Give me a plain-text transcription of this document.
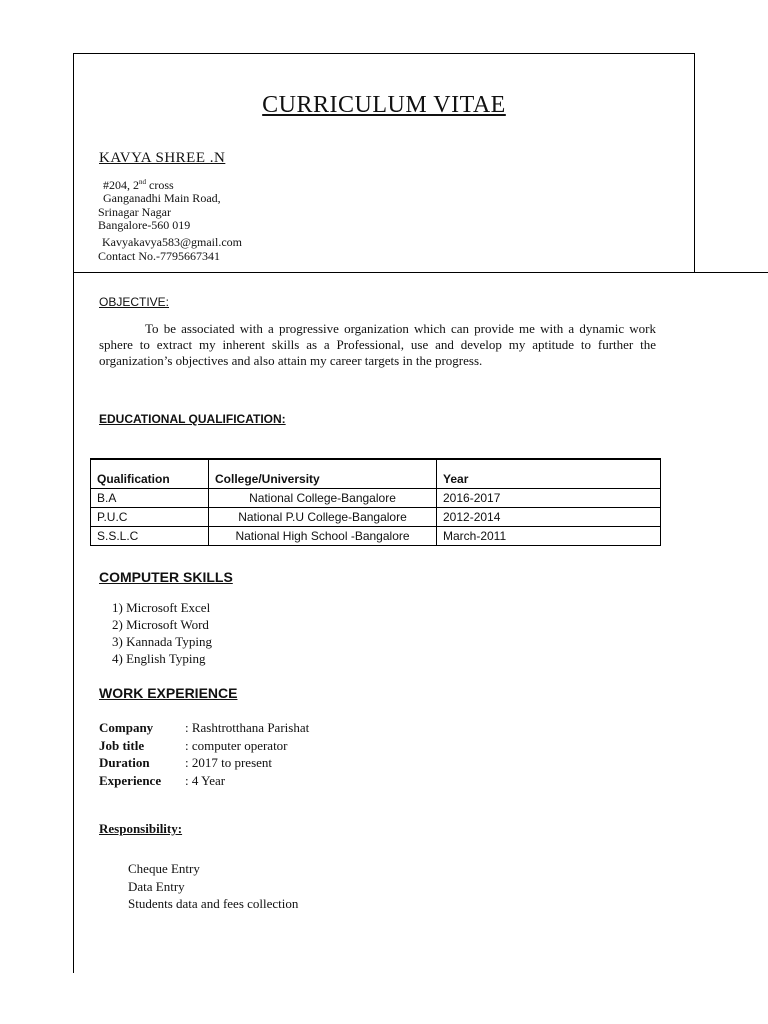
CURRICULUM VITAE
KAVYA SHREE .N
#204, 2nd cross
Ganganadhi Main Road,
Srinagar Nagar
Bangalore-560 019
Kavyakavya583@gmail.com
Contact No.-7795667341
OBJECTIVE:
To be associated with a progressive organization which can provide me with a dynamic work sphere to extract my inherent skills as a Professional, use and develop my aptitude to further the organization’s objectives and also attain my career targets in the progress.
EDUCATIONAL QUALIFICATION:
Qualification	College/University	Year
B.A	National College-Bangalore	2016-2017
P.U.C	National P.U College-Bangalore	2012-2014
S.S.L.C	National High School -Bangalore	March-2011
COMPUTER SKILLS
1) Microsoft Excel
2) Microsoft Word
3) Kannada Typing
4) English Typing
WORK EXPERIENCE
Company	: Rashtrotthana Parishat
Job title	: computer operator
Duration	: 2017 to present
Experience	: 4 Year
Responsibility:
Cheque Entry
Data Entry
Students data and fees collection
